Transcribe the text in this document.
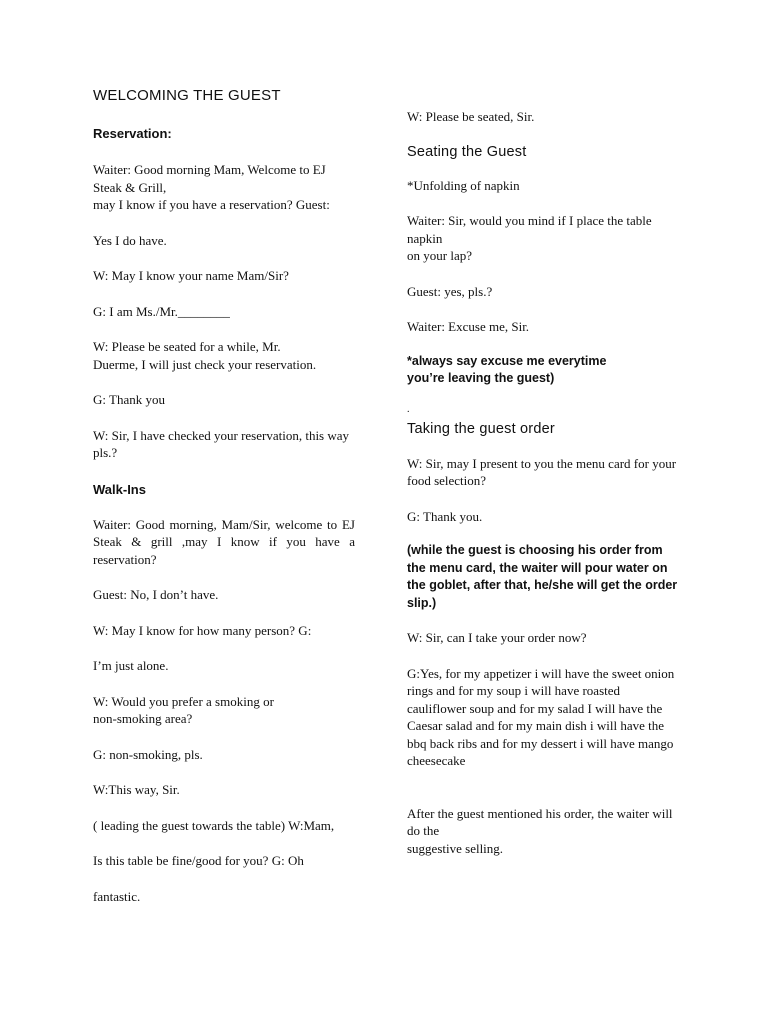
WELCOMING THE GUEST

Reservation:

Waiter: Good morning Mam, Welcome to EJ Steak & Grill,
may I know if you have a reservation? Guest:

Yes I do have.

W: May I know your name Mam/Sir?

G: I am Ms./Mr.________

W: Please be seated for a while, Mr.
Duerme, I will just check your reservation.

G: Thank you

W: Sir, I have checked your reservation, this way pls.?

Walk-Ins

Waiter: Good morning, Mam/Sir, welcome to EJ Steak & grill ,may I know if you have a reservation?

Guest: No, I don’t have.

W: May I know for how many person? G:

I’m just alone.

W: Would you prefer a smoking or
non-smoking area?

G: non-smoking, pls.

W:This way, Sir.

( leading the guest towards the table) W:Mam,

Is this table be fine/good for you? G: Oh

fantastic.

W: Please be seated, Sir.

Seating the Guest

*Unfolding of napkin

Waiter: Sir, would you mind if I place the table napkin
on your lap?

Guest: yes, pls.?

Waiter: Excuse me, Sir.

*always say excuse me everytime
you’re leaving the guest)

.

Taking the guest order

W: Sir, may I present to you the menu card for your food selection?

G: Thank you.

(while the guest is choosing his order from the menu card, the waiter will pour water on the goblet, after that, he/she will get the order slip.)

W: Sir, can I take your order now?

G:Yes, for my appetizer i will have the sweet onion rings and for my soup i will have roasted cauliflower soup and for my salad I will have the Caesar salad and for my main dish i will have the bbq back ribs and for my dessert i will have mango cheesecake

After the guest mentioned his order, the waiter will do the
suggestive selling.
